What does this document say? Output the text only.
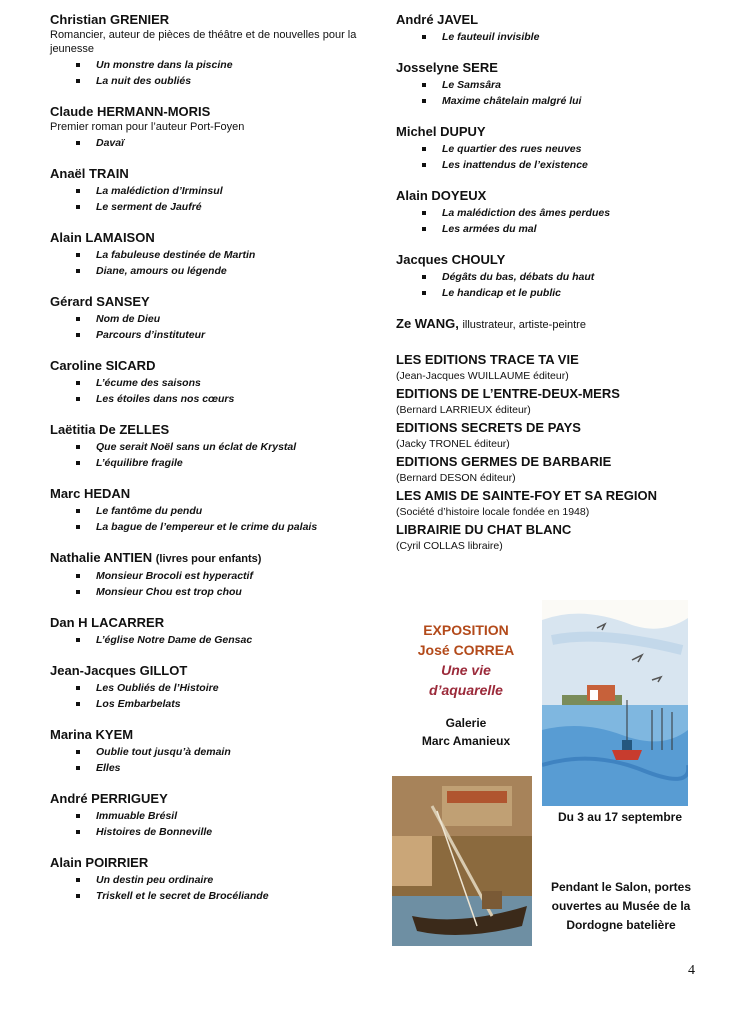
Christian GRENIER
Romancier, auteur de pièces de théâtre et de nouvelles pour la jeunesse
Un monstre dans la piscine
La nuit des oubliés
Claude HERMANN-MORIS
Premier roman pour l’auteur Port-Foyen
Davaï
Anaël TRAIN
La malédiction d’Irminsul
Le serment de Jaufré
Alain LAMAISON
La fabuleuse destinée de Martin
Diane, amours ou légende
Gérard SANSEY
Nom de Dieu
Parcours d’instituteur
Caroline SICARD
L’écume des saisons
Les étoiles dans nos cœurs
Laëtitia De ZELLES
Que serait Noël sans un éclat de Krystal
L’équilibre fragile
Marc HEDAN
Le fantôme du pendu
La bague de l’empereur et le crime du palais
Nathalie ANTIEN (livres pour enfants)
Monsieur Brocoli est hyperactif
Monsieur Chou est trop chou
Dan H LACARRER
L’église Notre Dame de Gensac
Jean-Jacques GILLOT
Les Oubliés de l’Histoire
Los Embarbelats
Marina KYEM
Oublie tout jusqu’à demain
Elles
André PERRIGUEY
Immuable Brésil
Histoires de Bonneville
Alain POIRRIER
Un destin peu ordinaire
Triskell et le secret de Brocéliande
André JAVEL
Le fauteuil invisible
Josselyne SERE
Le Samsâra
Maxime châtelain malgré lui
Michel DUPUY
Le quartier des rues neuves
Les inattendus de l’existence
Alain DOYEUX
La malédiction des âmes perdues
Les armées du mal
Jacques CHOULY
Dégâts du bas, débats du haut
Le handicap et le public
Ze WANG, illustrateur, artiste-peintre
LES EDITIONS TRACE TA VIE
(Jean-Jacques WUILLAUME éditeur)
EDITIONS DE L’ENTRE-DEUX-MERS
(Bernard LARRIEUX éditeur)
EDITIONS SECRETS DE PAYS
(Jacky TRONEL éditeur)
EDITIONS GERMES DE BARBARIE
(Bernard DESON éditeur)
LES AMIS DE SAINTE-FOY ET SA REGION
(Société d’histoire locale fondée en 1948)
LIBRAIRIE DU CHAT BLANC
(Cyril COLLAS libraire)
EXPOSITION
José CORREA
Une vie
d’aquarelle
Galerie
Marc Amanieux
Du 3 au 17 septembre
Pendant le Salon, portes
ouvertes au Musée de la
Dordogne batelière
4
